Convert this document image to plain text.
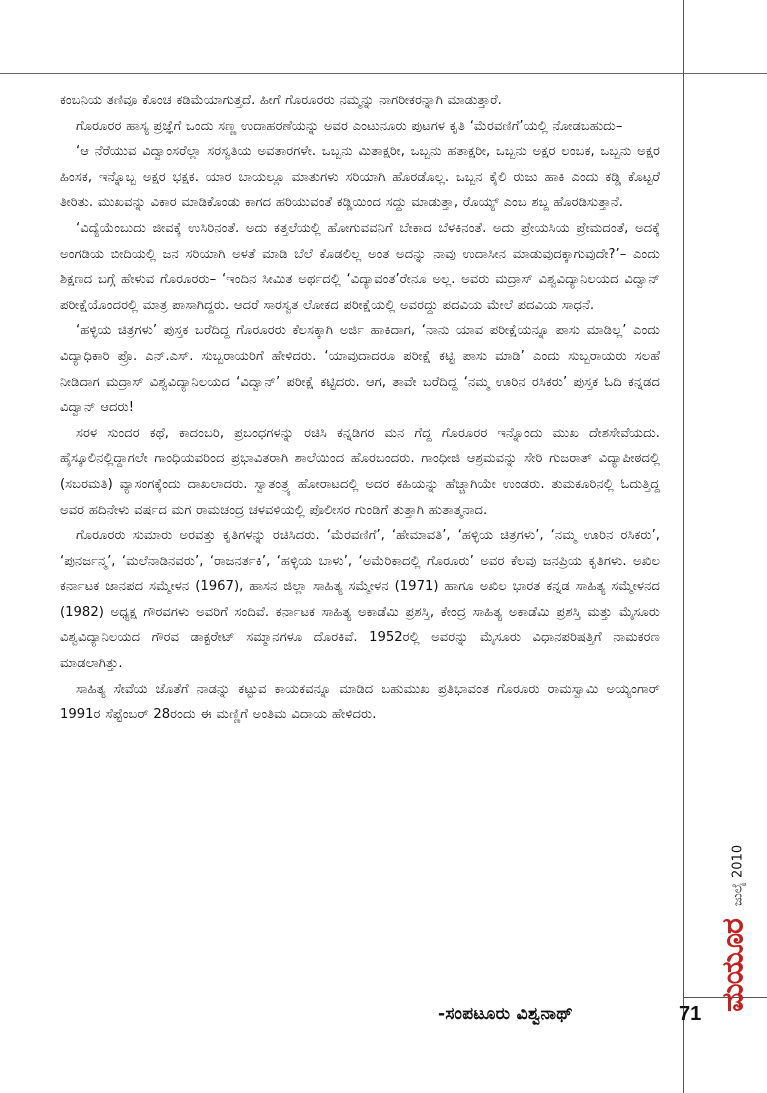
ಕಂಬನಿಯ ತಣಿವೂ ಕೊಂಚ ಕಡಿಮೆಯಾಗುತ್ತದೆ. ಹೀಗೆ ಗೊರೂರರು ನಮ್ಮನ್ನು ನಾಗರೀಕರನ್ನಾಗಿ ಮಾಡುತ್ತಾರೆ.

ಗೊರೂರರ ಹಾಸ್ಯ ಪ್ರಜ್ಞೆಗೆ ಒಂದು ಸಣ್ಣ ಉದಾಹರಣೆಯನ್ನು ಅವರ ಎಂಟುನೂರು ಪುಟಗಳ ಕೃತಿ ‘ಮೆರವಣಿಗೆ’ಯಲ್ಲಿ ನೋಡಬಹುದು–

‘ಆ ನೆರೆಯುವ ವಿದ್ವಾಂಸರೆಲ್ಲಾ ಸರಸ್ವತಿಯ ಅವತಾರಗಳೇ. ಒಬ್ಬನು ಮಿತಾಕ್ಷರೀ, ಒಬ್ಬನು ಹತಾಕ್ಷರೀ, ಒಬ್ಬನು ಅಕ್ಷರ ಲಂಬಕ, ಒಬ್ಬನು ಅಕ್ಷರ ಹಿಂಸಕ, ಇನ್ನೊಬ್ಬ ಅಕ್ಷರ ಭಕ್ಷಕ. ಯಾರ ಬಾಯಲ್ಲೂ ಮಾತುಗಳು ಸರಿಯಾಗಿ ಹೊರಡೊಲ್ಲ. ಒಬ್ಬನ ಕೈಲಿ ರುಜು ಹಾಕಿ ಎಂದು ಕಡ್ಡಿ ಕೊಟ್ಟರೆ ತೀರಿತು. ಮುಖವನ್ನು ವಿಕಾರ ಮಾಡಿಕೊಂಡು ಕಾಗದ ಹರಿಯುವಂತೆ ಕಡ್ಡಿಯಿಂದ ಸದ್ದು ಮಾಡುತ್ತಾ, ರೊಯ್ಯ್ ಎಂಬ ಶಬ್ದ ಹೊರಡಿಸುತ್ತಾನೆ.

‘ವಿದ್ಯೆಯೆಂಬುದು ಜೀವಕ್ಕೆ ಉಸಿರಿನಂತೆ. ಅದು ಕತ್ತಲೆಯಲ್ಲಿ ಹೋಗುವವನಿಗೆ ಬೇಕಾದ ಬೆಳಕಿನಂತೆ. ಅದು ಪ್ರೇಯಸಿಯ ಪ್ರೇಮದಂತೆ, ಅದಕ್ಕೆ ಅಂಗಡಿಯ ಬೀದಿಯಲ್ಲಿ ಜನ ಸರಿಯಾಗಿ ಅಳತೆ ಮಾಡಿ ಬೆಲೆ ಕೊಡಲಿಲ್ಲ ಅಂತ ಅದನ್ನು ನಾವು ಉದಾಸೀನ ಮಾಡುವುದಕ್ಕಾಗುವುದೇ?’– ಎಂದು ಶಿಕ್ಷಣದ ಬಗ್ಗೆ ಹೇಳುವ ಗೊರೂರರು– ‘ಇಂದಿನ ಸೀಮಿತ ಅರ್ಥದಲ್ಲಿ ‘ವಿದ್ಯಾವಂತ’ರೇನೂ ಅಲ್ಲ. ಅವರು ಮದ್ರಾಸ್ ವಿಶ್ವವಿದ್ಯಾನಿಲಯದ ವಿದ್ವಾನ್ ಪರೀಕ್ಷೆಯೊಂದರಲ್ಲಿ ಮಾತ್ರ ಪಾಸಾಗಿದ್ದರು. ಆದರೆ ಸಾರಸ್ವತ ಲೋಕದ ಪರೀಕ್ಷೆಯಲ್ಲಿ ಅವರದ್ದು ಪದವಿಯ ಮೇಲೆ ಪದವಿಯ ಸಾಧನೆ.

‘ಹಳ್ಳಿಯ ಚಿತ್ರಗಳು’ ಪುಸ್ತಕ ಬರೆದಿದ್ದ ಗೊರೂರರು ಕೆಲಸಕ್ಕಾಗಿ ಅರ್ಜಿ ಹಾಕಿದಾಗ, ‘ನಾನು ಯಾವ ಪರೀಕ್ಷೆಯನ್ನೂ ಪಾಸು ಮಾಡಿಲ್ಲ’ ಎಂದು ವಿದ್ಯಾಧಿಕಾರಿ ಪ್ರೊ. ಎನ್.ಎಸ್. ಸುಬ್ಬರಾಯರಿಗೆ ಹೇಳಿದರು. ‘ಯಾವುದಾದರೂ ಪರೀಕ್ಷೆ ಕಟ್ಟಿ ಪಾಸು ಮಾಡಿ’ ಎಂದು ಸುಬ್ಬರಾಯರು ಸಲಹೆ ನೀಡಿದಾಗ ಮದ್ರಾಸ್ ವಿಶ್ವವಿದ್ಯಾನಿಲಯದ ‘ವಿದ್ವಾನ್’ ಪರೀಕ್ಷೆ ಕಟ್ಟಿದರು. ಆಗ, ತಾವೇ ಬರೆದಿದ್ದ ‘ನಮ್ಮ ಊರಿನ ರಸಿಕರು’ ಪುಸ್ತಕ ಓದಿ ಕನ್ನಡದ ವಿದ್ವಾನ್ ಆದರು!

ಸರಳ ಸುಂದರ ಕಥೆ, ಕಾದಂಬರಿ, ಪ್ರಬಂಧಗಳನ್ನು ರಚಿಸಿ ಕನ್ನಡಿಗರ ಮನ ಗೆದ್ದ ಗೊರೂರರ ಇನ್ನೊಂದು ಮುಖ ದೇಶಸೇವೆಯದು. ಹೈಸ್ಕೂಲಿನಲ್ಲಿದ್ದಾಗಲೇ ಗಾಂಧಿಯವರಿಂದ ಪ್ರಭಾವಿತರಾಗಿ ಶಾಲೆಯಿಂದ ಹೊರಬಂದರು. ಗಾಂಧೀಜಿ ಆಶ್ರಮವನ್ನು ಸೇರಿ ಗುಜರಾತ್ ವಿದ್ಯಾಪೀಠದಲ್ಲಿ (ಸಬರಮತಿ) ವ್ಯಾಸಂಗಕ್ಕೆಂದು ದಾಖಲಾದರು. ಸ್ವಾತಂತ್ರ್ಯ ಹೋರಾಟದಲ್ಲಿ ಅದರ ಕಹಿಯನ್ನು ಹೆಚ್ಚಾಗಿಯೇ ಉಂಡರು. ತುಮಕೂರಿನಲ್ಲಿ ಓದುತ್ತಿದ್ದ ಅವರ ಹದಿನೇಳು ವರ್ಷದ ಮಗ ರಾಮಚಂದ್ರ ಚಳವಳಿಯಲ್ಲಿ ಪೊಲೀಸರ ಗುಂಡಿಗೆ ತುತ್ತಾಗಿ ಹುತಾತ್ಮನಾದ.

ಗೊರೂರರು ಸುಮಾರು ಅರವತ್ತು ಕೃತಿಗಳನ್ನು ರಚಿಸಿದರು. ‘ಮೆರವಣಿಗೆ’, ‘ಹೇಮಾವತಿ’, ‘ಹಳ್ಳಿಯ ಚಿತ್ರಗಳು’, ‘ನಮ್ಮ ಊರಿನ ರಸಿಕರು’, ‘ಪುನರ್ಜನ್ಮ’, ‘ಮಲೆನಾಡಿನವರು’, ‘ರಾಜನರ್ತಕಿ’, ‘ಹಳ್ಳಿಯ ಬಾಳು’, ‘ಅಮೆರಿಕಾದಲ್ಲಿ ಗೊರೂರು’ ಅವರ ಕೆಲವು ಜನಪ್ರಿಯ ಕೃತಿಗಳು. ಅಖಿಲ ಕರ್ನಾಟಕ ಜಾನಪದ ಸಮ್ಮೇಳನ (1967), ಹಾಸನ ಜಿಲ್ಲಾ ಸಾಹಿತ್ಯ ಸಮ್ಮೇಳನ (1971) ಹಾಗೂ ಅಖಿಲ ಭಾರತ ಕನ್ನಡ ಸಾಹಿತ್ಯ ಸಮ್ಮೇಳನದ (1982) ಅಧ್ಯಕ್ಷ ಗೌರವಗಳು ಅವರಿಗೆ ಸಂದಿವೆ. ಕರ್ನಾಟಕ ಸಾಹಿತ್ಯ ಅಕಾಡೆಮಿ ಪ್ರಶಸ್ತಿ, ಕೇಂದ್ರ ಸಾಹಿತ್ಯ ಅಕಾಡೆಮಿ ಪ್ರಶಸ್ತಿ ಮತ್ತು ಮೈಸೂರು ವಿಶ್ವವಿದ್ಯಾನಿಲಯದ ಗೌರವ ಡಾಕ್ಟರೇಟ್ ಸಮ್ಮಾನಗಳೂ ದೊರಕಿವೆ. 1952ರಲ್ಲಿ ಅವರನ್ನು ಮೈಸೂರು ವಿಧಾನಪರಿಷತ್ತಿಗೆ ನಾಮಕರಣ ಮಾಡಲಾಗಿತ್ತು.

ಸಾಹಿತ್ಯ ಸೇವೆಯ ಜೊತೆಗೆ ನಾಡನ್ನು ಕಟ್ಟುವ ಕಾಯಕವನ್ನೂ ಮಾಡಿದ ಬಹುಮುಖ ಪ್ರತಿಭಾವಂತ ಗೊರೂರು ರಾಮಸ್ವಾಮಿ ಅಯ್ಯಂಗಾರ್ 1991ರ ಸೆಪ್ಟೆಂಬರ್ 28ರಂದು ಈ ಮಣ್ಣಿಗೆ ಅಂತಿಮ ವಿದಾಯ ಹೇಳಿದರು.

-ಸಂಪಟೂರು ವಿಶ್ವನಾಥ್
ಜುಲೈ 2010
ಮಯೂರ
71
